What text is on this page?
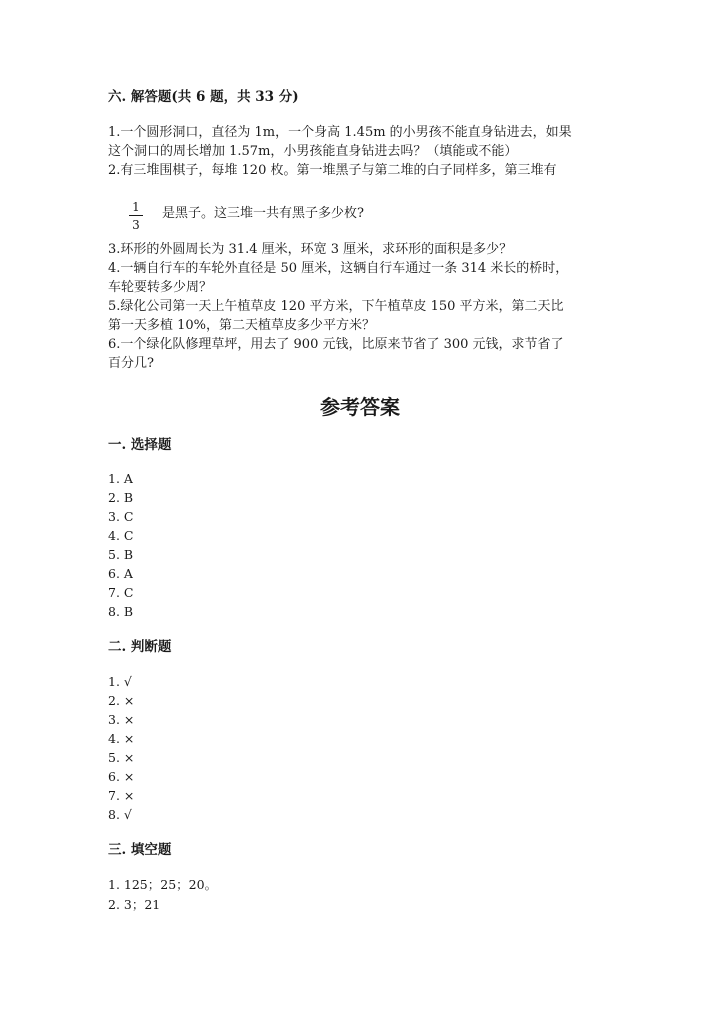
六. 解答题(共 6 题，共 33 分)
1.一个圆形洞口，直径为 1m，一个身高 1.45m 的小男孩不能直身钻进去，如果
这个洞口的周长增加 1.57m，小男孩能直身钻进去吗？（填能或不能）
2.有三堆围棋子，每堆 120 枚。第一堆黑子与第二堆的白子同样多，第三堆有
1
3
是黑子。这三堆一共有黑子多少枚?
3.环形的外圆周长为 31.4 厘米，环宽 3 厘米，求环形的面积是多少？
4.一辆自行车的车轮外直径是 50 厘米，这辆自行车通过一条 314 米长的桥时，
车轮要转多少周？
5.绿化公司第一天上午植草皮 120 平方米，下午植草皮 150 平方米，第二天比
第一天多植 10%，第二天植草皮多少平方米？
6.一个绿化队修理草坪，用去了 900 元钱，比原来节省了 300 元钱，求节省了
百分几?
参考答案
一. 选择题
1. A
2. B
3. C
4. C
5. B
6. A
7. C
8. B
二. 判断题
1. √
2. ×
3. ×
4. ×
5. ×
6. ×
7. ×
8. √
三. 填空题
1. 125；25；20。
2. 3；21
